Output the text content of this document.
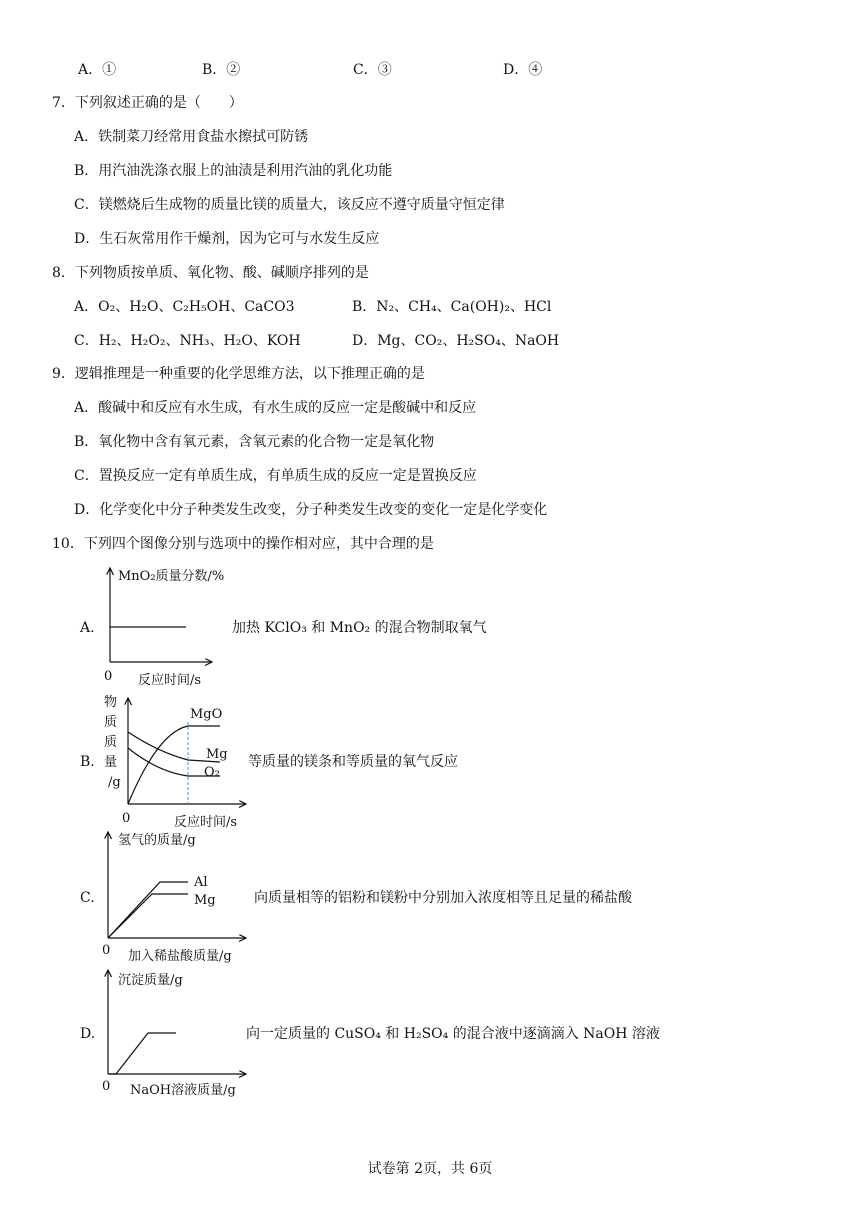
A．①	B．②	C．③	D．④
7．下列叙述正确的是（　　）
A．铁制菜刀经常用食盐水擦拭可防锈
B．用汽油洗涤衣服上的油渍是利用汽油的乳化功能
C．镁燃烧后生成物的质量比镁的质量大，该反应不遵守质量守恒定律
D．生石灰常用作干燥剂，因为它可与水发生反应
8．下列物质按单质、氧化物、酸、碱顺序排列的是
A．O₂、H₂O、C₂H₅OH、CaCO3	B．N₂、CH₄、Ca(OH)₂、HCl
C．H₂、H₂O₂、NH₃、H₂O、KOH	D．Mg、CO₂、H₂SO₄、NaOH
9．逻辑推理是一种重要的化学思维方法，以下推理正确的是
A．酸碱中和反应有水生成，有水生成的反应一定是酸碱中和反应
B．氧化物中含有氧元素，含氧元素的化合物一定是氧化物
C．置换反应一定有单质生成，有单质生成的反应一定是置换反应
D．化学变化中分子种类发生改变，分子种类发生改变的变化一定是化学变化
10．下列四个图像分别与选项中的操作相对应，其中合理的是
A.
MnO₂质量分数/%
0 反应时间/s
加热 KClO₃ 和 MnO₂ 的混合物制取氧气
B.
物
质
质
量
/g
MgO
Mg
O₂
0	反应时间/s
等质量的镁条和等质量的氧气反应
C.
氢气的质量/g
Al
Mg
0 加入稀盐酸质量/g
向质量相等的铝粉和镁粉中分别加入浓度相等且足量的稀盐酸
D.
沉淀质量/g
0 NaOH溶液质量/g
向一定质量的 CuSO₄ 和 H₂SO₄ 的混合液中逐滴滴入 NaOH 溶液
试卷第 2页，共 6页
